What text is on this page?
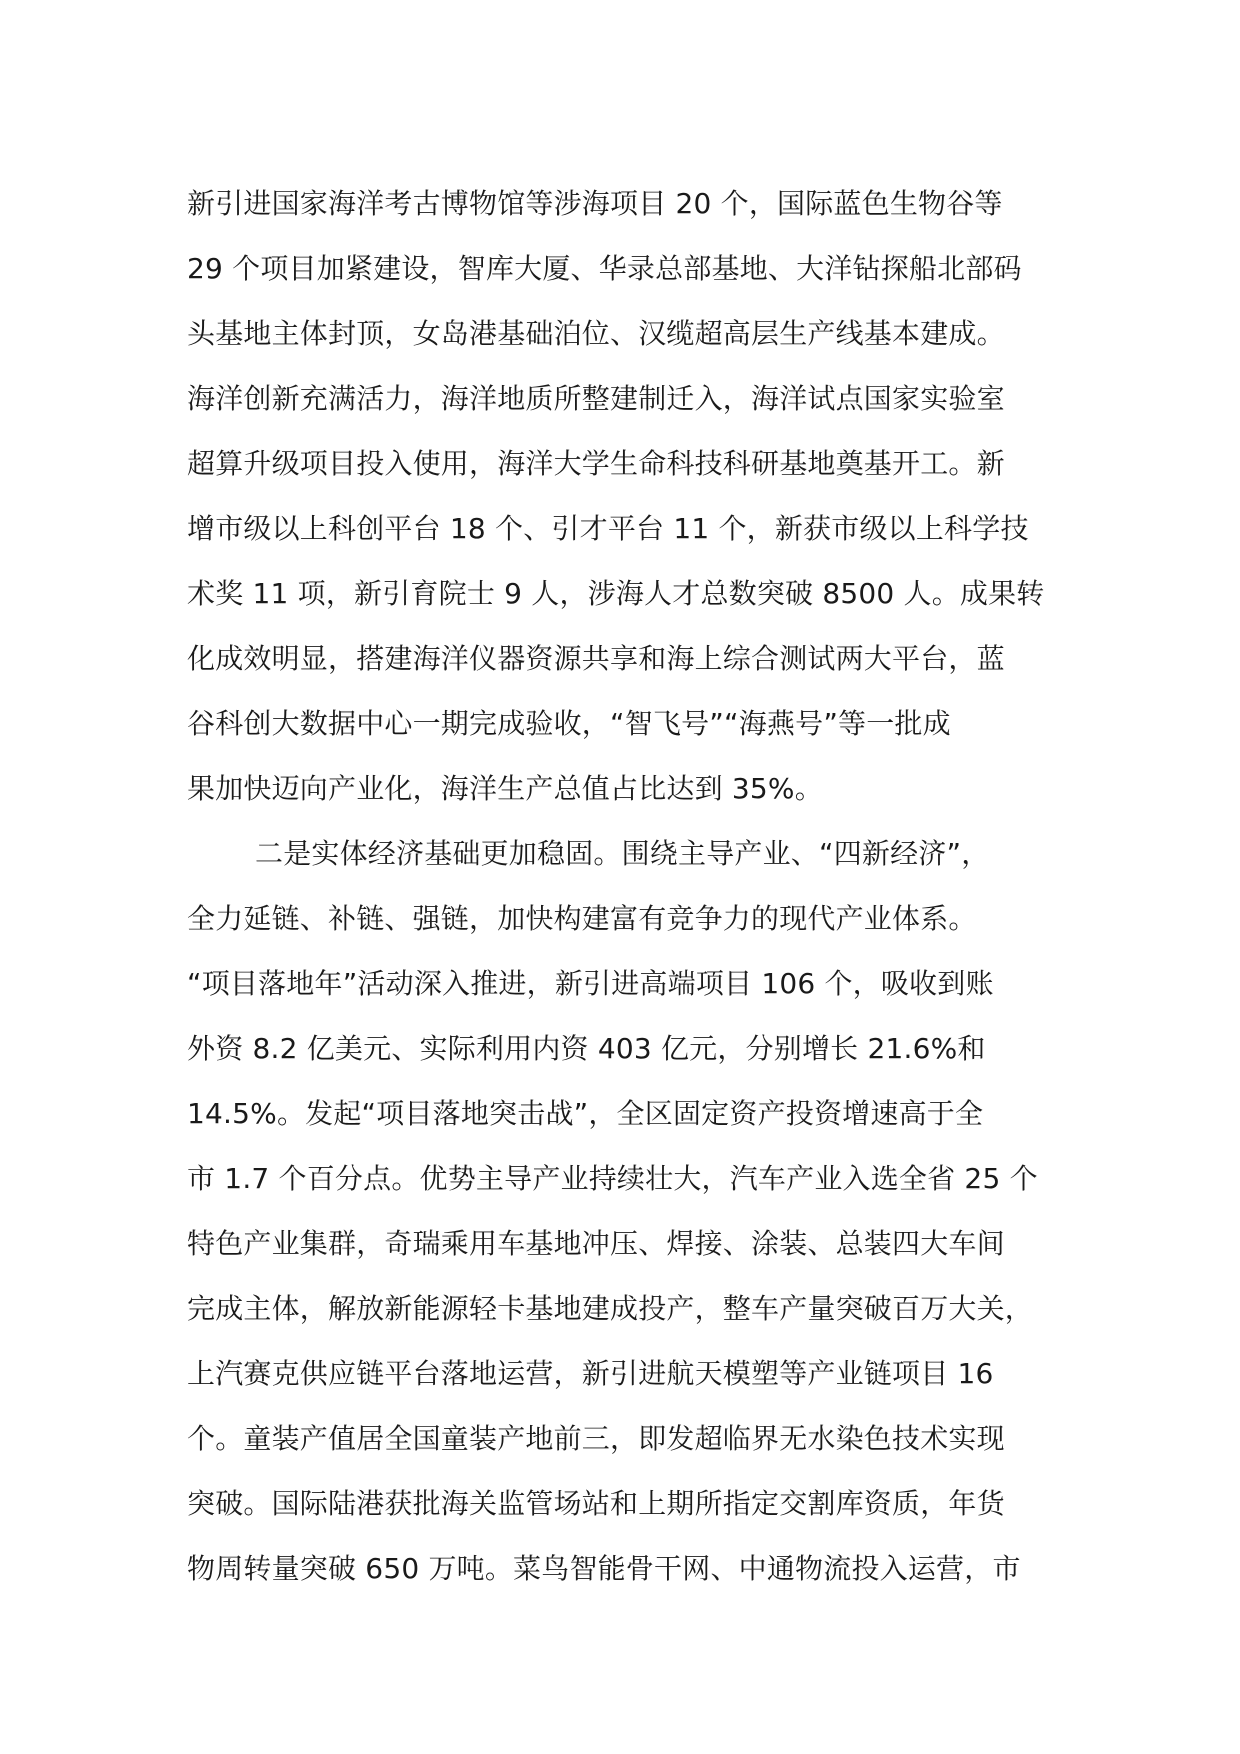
新引进国家海洋考古博物馆等涉海项目 20 个，国际蓝色生物谷等
29 个项目加紧建设，智库大厦、华录总部基地、大洋钻探船北部码
头基地主体封顶，女岛港基础泊位、汉缆超高层生产线基本建成。
海洋创新充满活力，海洋地质所整建制迁入，海洋试点国家实验室
超算升级项目投入使用，海洋大学生命科技科研基地奠基开工。新
增市级以上科创平台 18 个、引才平台 11 个，新获市级以上科学技
术奖 11 项，新引育院士 9 人，涉海人才总数突破 8500 人。成果转
化成效明显，搭建海洋仪器资源共享和海上综合测试两大平台，蓝
谷科创大数据中心一期完成验收，“智飞号”“海燕号”等一批成
果加快迈向产业化，海洋生产总值占比达到 35%。
二是实体经济基础更加稳固。围绕主导产业、“四新经济”，
全力延链、补链、强链，加快构建富有竞争力的现代产业体系。
“项目落地年”活动深入推进，新引进高端项目 106 个，吸收到账
外资 8.2 亿美元、实际利用内资 403 亿元，分别增长 21.6%和
14.5%。发起“项目落地突击战”，全区固定资产投资增速高于全
市 1.7 个百分点。优势主导产业持续壮大，汽车产业入选全省 25 个
特色产业集群，奇瑞乘用车基地冲压、焊接、涂装、总装四大车间
完成主体，解放新能源轻卡基地建成投产，整车产量突破百万大关，
上汽赛克供应链平台落地运营，新引进航天模塑等产业链项目 16
个。童装产值居全国童装产地前三，即发超临界无水染色技术实现
突破。国际陆港获批海关监管场站和上期所指定交割库资质，年货
物周转量突破 650 万吨。菜鸟智能骨干网、中通物流投入运营，市
